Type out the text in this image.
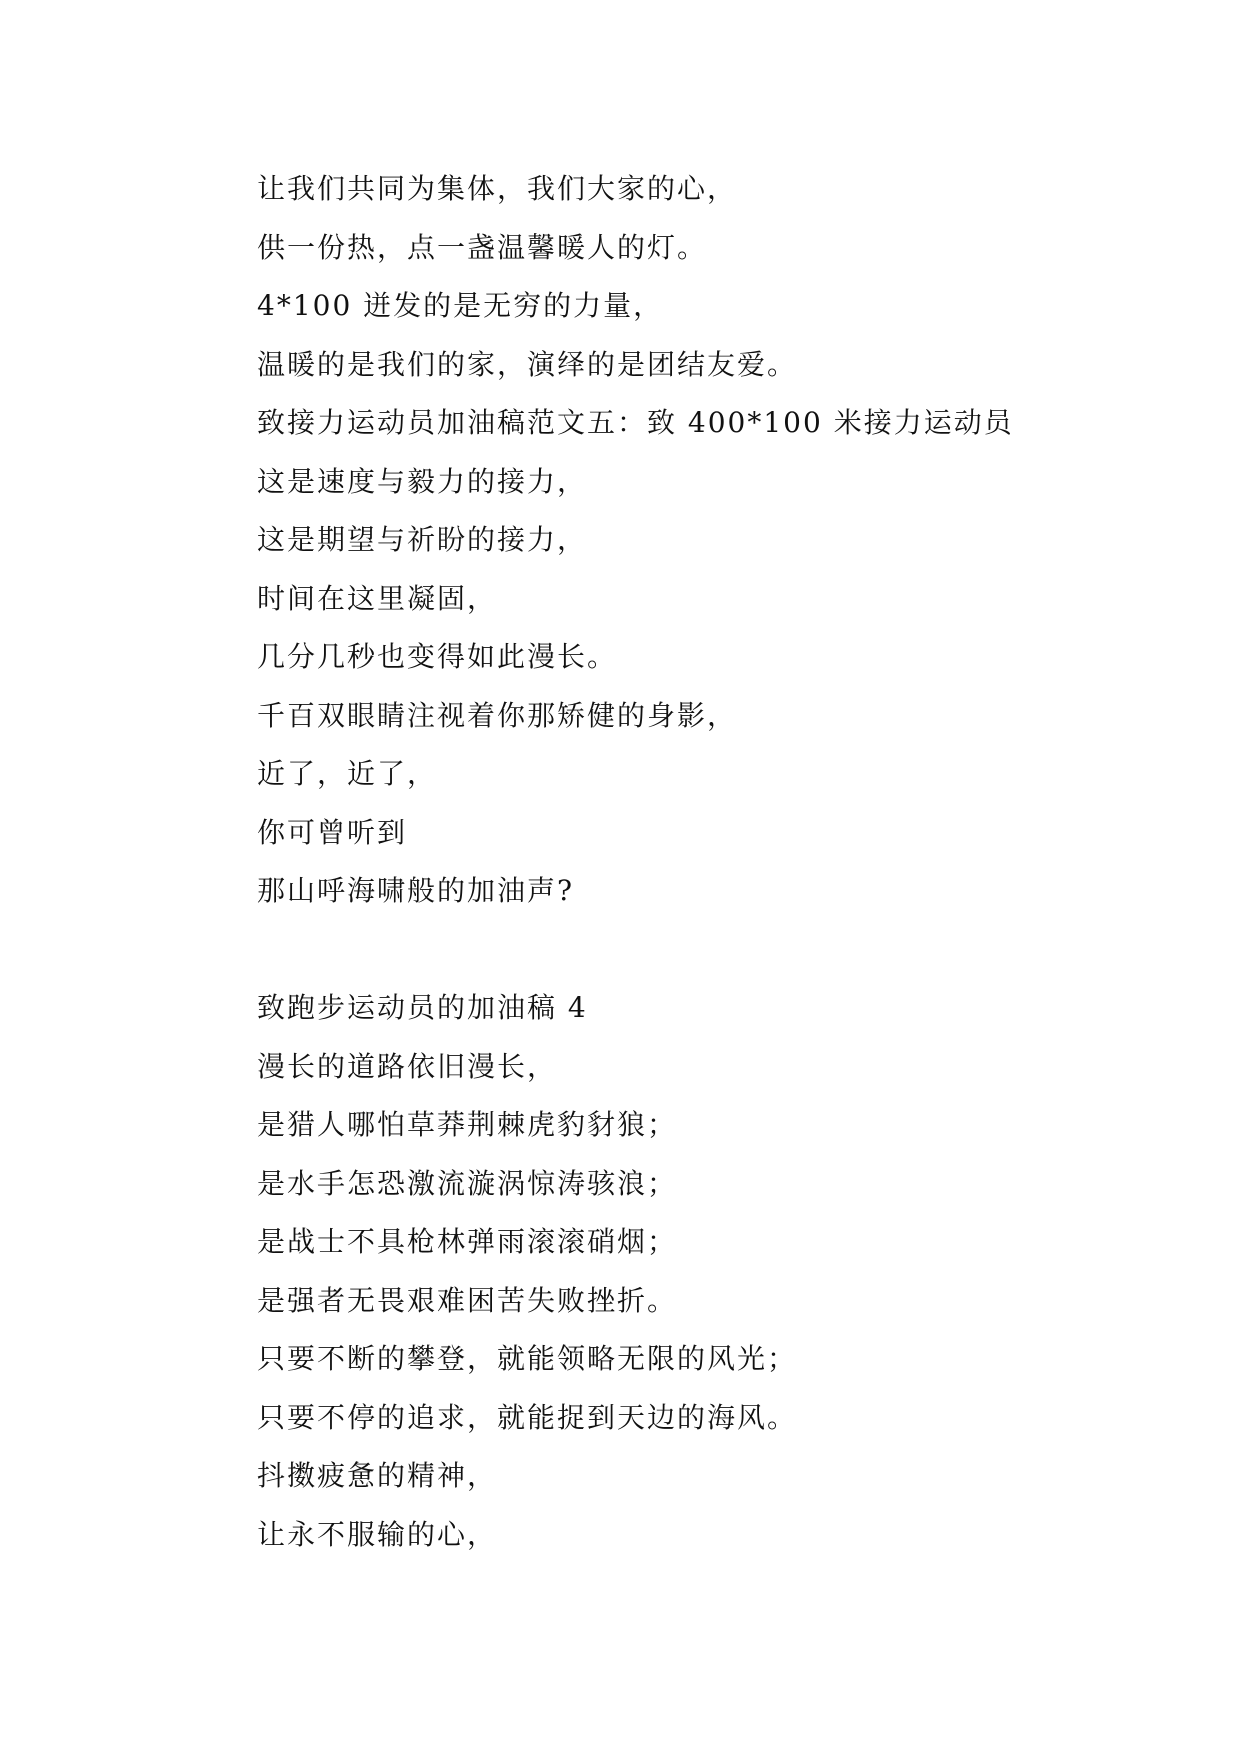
让我们共同为集体，我们大家的心，
供一份热，点一盏温馨暖人的灯。
4*100 迸发的是无穷的力量，
温暖的是我们的家，演绎的是团结友爱。
致接力运动员加油稿范文五：致 400*100 米接力运动员
这是速度与毅力的接力，
这是期望与祈盼的接力，
时间在这里凝固，
几分几秒也变得如此漫长。
千百双眼睛注视着你那矫健的身影，
近了，近了，
你可曾听到
那山呼海啸般的加油声?
致跑步运动员的加油稿 4
漫长的道路依旧漫长，
是猎人哪怕草莽荆棘虎豹豺狼；
是水手怎恐激流漩涡惊涛骇浪；
是战士不具枪林弹雨滚滚硝烟；
是强者无畏艰难困苦失败挫折。
只要不断的攀登，就能领略无限的风光；
只要不停的追求，就能捉到天边的海风。
抖擞疲惫的精神，
让永不服输的心，
